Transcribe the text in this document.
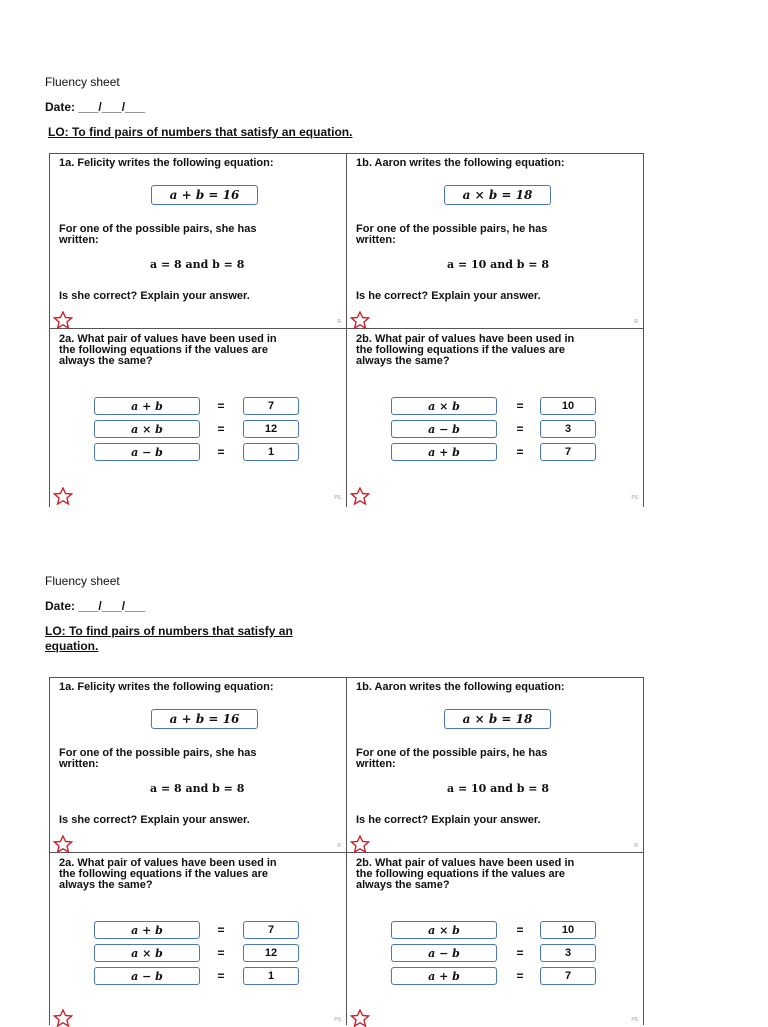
Fluency sheet
Date: ___/___/___
LO: To find pairs of numbers that satisfy an equation.
1a. Felicity writes the following equation:
a + b = 16
For one of the possible pairs, she has
written:
a = 8 and b = 8
Is she correct? Explain your answer.
R
1b. Aaron writes the following equation:
a × b = 18
For one of the possible pairs, he has
written:
a = 10 and b = 8
Is he correct? Explain your answer.
R
2a. What pair of values have been used in
the following equations if the values are
always the same?
a + b	=	7
a × b	=	12
a − b	=	1
PS
2b. What pair of values have been used in
the following equations if the values are
always the same?
a × b	=	10
a − b	=	3
a + b	=	7
PS
Fluency sheet
Date: ___/___/___
LO: To find pairs of numbers that satisfy an
equation.
1a. Felicity writes the following equation:
a + b = 16
For one of the possible pairs, she has
written:
a = 8 and b = 8
Is she correct? Explain your answer.
R
1b. Aaron writes the following equation:
a × b = 18
For one of the possible pairs, he has
written:
a = 10 and b = 8
Is he correct? Explain your answer.
R
2a. What pair of values have been used in
the following equations if the values are
always the same?
a + b	=	7
a × b	=	12
a − b	=	1
PS
2b. What pair of values have been used in
the following equations if the values are
always the same?
a × b	=	10
a − b	=	3
a + b	=	7
PS
